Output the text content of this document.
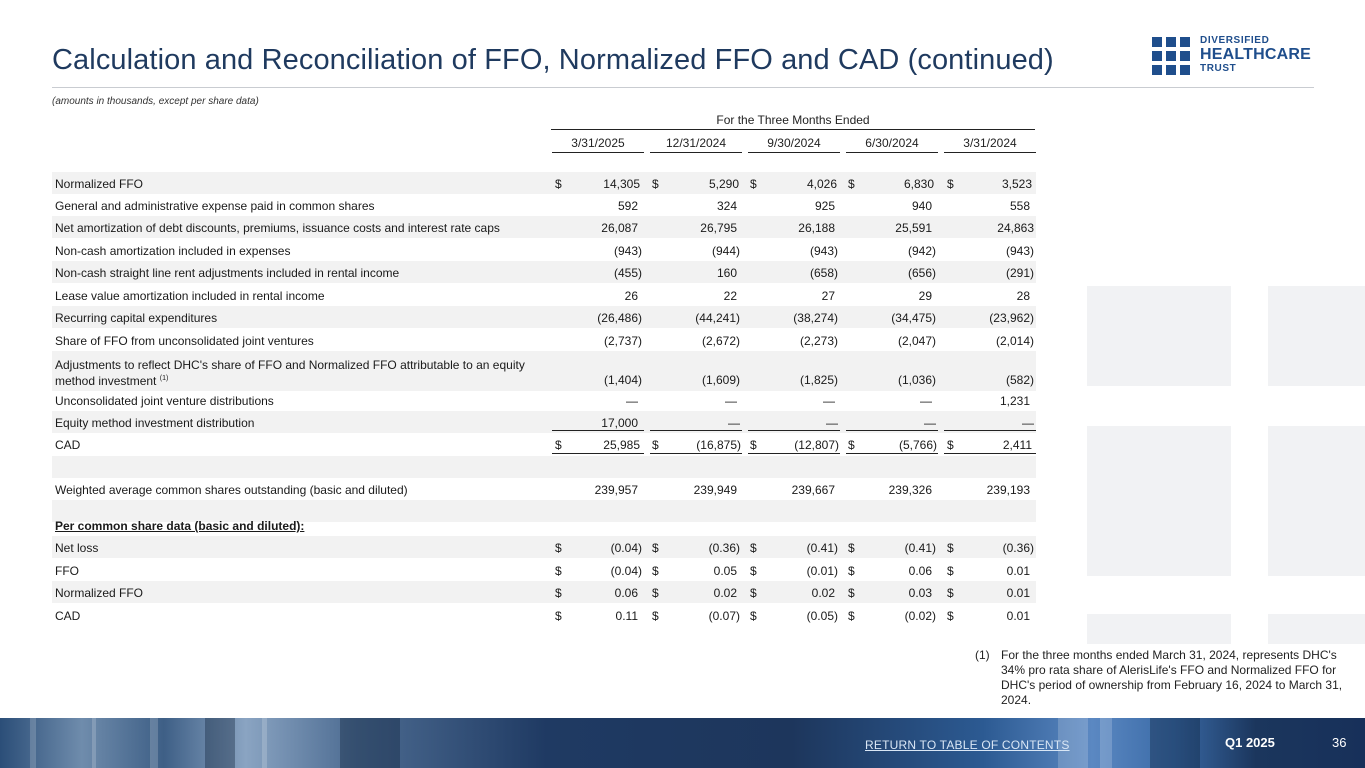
Calculation and Reconciliation of FFO, Normalized FFO and CAD (continued)
(amounts in thousands, except per share data)
DIVERSIFIED
HEALTHCARE
TRUST
For the Three Months Ended
3/31/2025	12/31/2024	9/30/2024	6/30/2024	3/31/2024
Normalized FFO	$	14,305 $	5,290 $	4,026 $	6,830 $	3,523
General and administrative expense paid in common shares	592	324	925	940	558
Net amortization of debt discounts, premiums, issuance costs and interest rate caps	26,087	26,795	26,188	25,591	24,863
Non-cash amortization included in expenses	(943)	(944)	(943)	(942)	(943)
Non-cash straight line rent adjustments included in rental income	(455)	160	(658)	(656)	(291)
Lease value amortization included in rental income	26	22	27	29	28
Recurring capital expenditures	(26,486)	(44,241)	(38,274)	(34,475)	(23,962)
Share of FFO from unconsolidated joint ventures	(2,737)	(2,672)	(2,273)	(2,047)	(2,014)
Adjustments to reflect DHC's share of FFO and Normalized FFO attributable to an equity method investment $^{(1)}$	(1,404)	(1,609)	(1,825)	(1,036)	(582)
Unconsolidated joint venture distributions	—	—	—	—	1,231
Equity method investment distribution	17,000	—	—	—	—
CAD	$	25,985 $	(16,875) $	(12,807) $	(5,766) $	2,411
Weighted average common shares outstanding (basic and diluted)	239,957	239,949	239,667	239,326	239,193
Per common share data (basic and diluted):
Net loss	$	(0.04) $	(0.36) $	(0.41) $	(0.41) $	(0.36)
FFO	$	(0.04) $	0.05 $	(0.01) $	0.06 $	0.01
Normalized FFO	$	0.06 $	0.02 $	0.02 $	0.03 $	0.01
CAD	$	0.11 $	(0.07) $	(0.05) $	(0.02) $	0.01
(1) For the three months ended March 31, 2024, represents DHC's 34% pro rata share of AlerisLife's FFO and Normalized FFO for DHC's period of ownership from February 16, 2024 to March 31, 2024.
RETURN TO TABLE OF CONTENTS	Q1 2025	36
